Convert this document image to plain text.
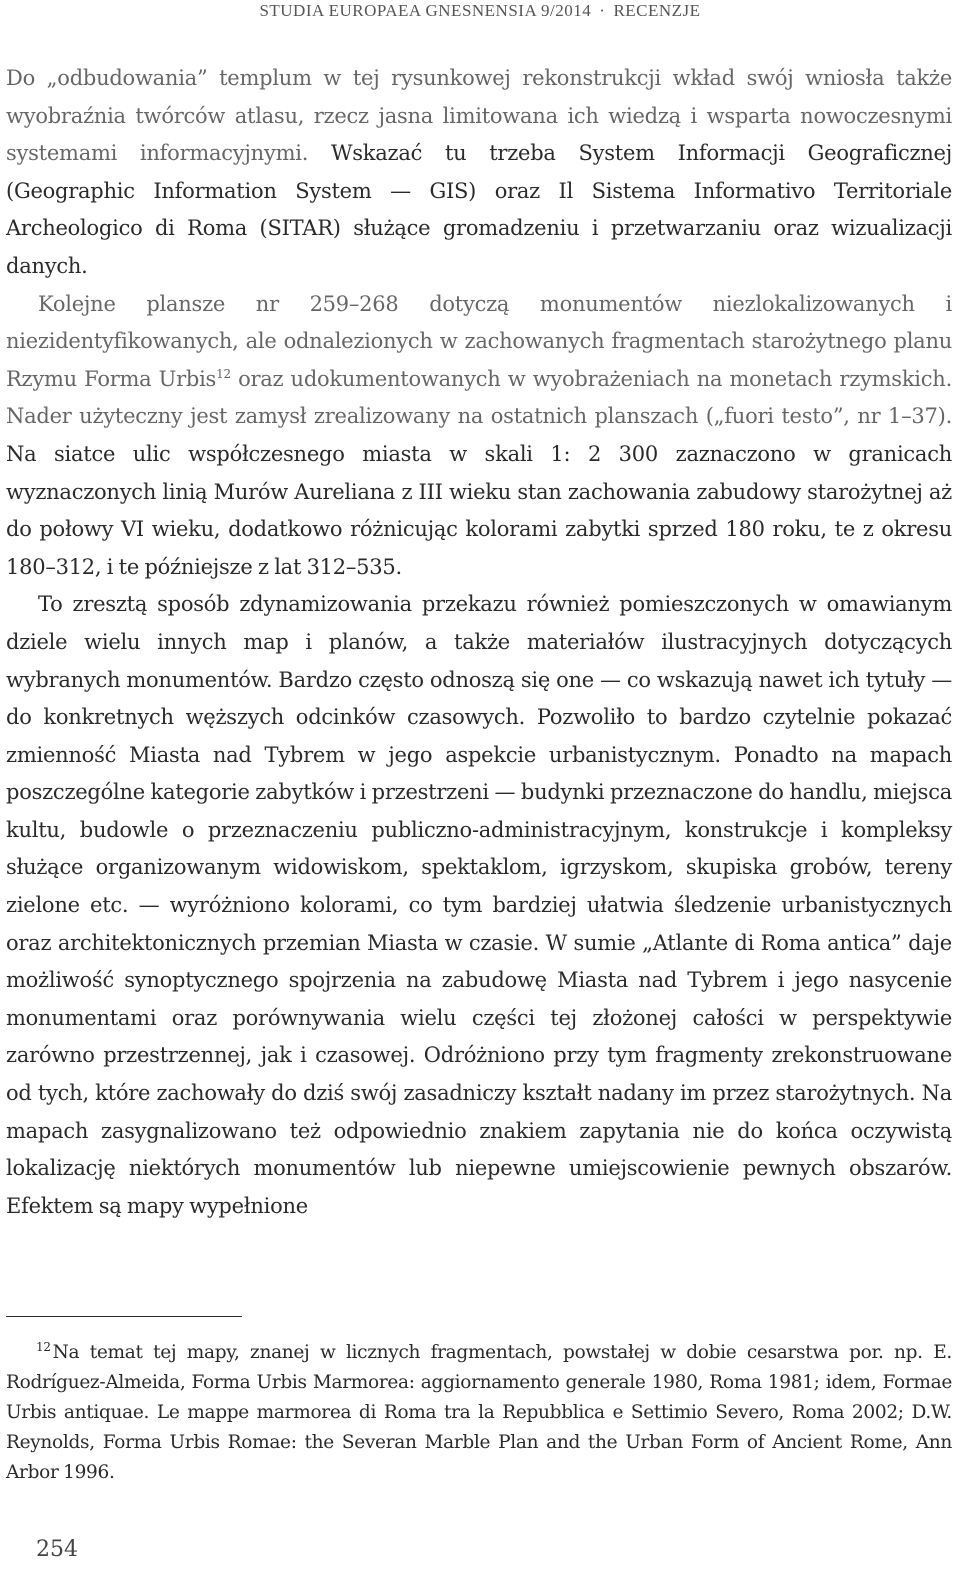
STUDIA EUROPAEA GNESNENSIA 9/2014 · RECENZJE

Do „odbudowania” templum w tej rysunkowej rekonstrukcji wkład swój wniosła także wyobraźnia twórców atlasu, rzecz jasna limitowana ich wiedzą i wsparta nowoczesnymi systemami informacyjnymi. Wskazać tu trzeba System Informacji Geograficznej (Geographic Information System — GIS) oraz Il Sistema Informativo Territoriale Archeologico di Roma (SITAR) służące gromadzeniu i przetwarzaniu oraz wizualizacji danych.

Kolejne plansze nr 259–268 dotyczą monumentów niezlokalizowanych i niezidentyfikowanych, ale odnalezionych w zachowanych fragmentach starożytnego planu Rzymu Forma Urbis$^{12}$ oraz udokumentowanych w wyobrażeniach na monetach rzymskich. Nader użyteczny jest zamysł zrealizowany na ostatnich planszach („fuori testo”, nr 1–37). Na siatce ulic współczesnego miasta w skali 1: 2 300 zaznaczono w granicach wyznaczonych linią Murów Aureliana z III wieku stan zachowania zabudowy starożytnej aż do połowy VI wieku, dodatkowo różnicując kolorami zabytki sprzed 180 roku, te z okresu 180–312, i te późniejsze z lat 312–535.

To zresztą sposób zdynamizowania przekazu również pomieszczonych w omawianym dziele wielu innych map i planów, a także materiałów ilustracyjnych dotyczących wybranych monumentów. Bardzo często odnoszą się one — co wskazują nawet ich tytuły — do konkretnych węższych odcinków czasowych. Pozwoliło to bardzo czytelnie pokazać zmienność Miasta nad Tybrem w jego aspekcie urbanistycznym. Ponadto na mapach poszczególne kategorie zabytków i przestrzeni — budynki przeznaczone do handlu, miejsca kultu, budowle o przeznaczeniu publiczno-administracyjnym, konstrukcje i kompleksy służące organizowanym widowiskom, spektaklom, igrzyskom, skupiska grobów, tereny zielone etc. — wyróżniono kolorami, co tym bardziej ułatwia śledzenie urbanistycznych oraz architektonicznych przemian Miasta w czasie. W sumie „Atlante di Roma antica” daje możliwość synoptycznego spojrzenia na zabudowę Miasta nad Tybrem i jego nasycenie monumentami oraz porównywania wielu części tej złożonej całości w perspektywie zarówno przestrzennej, jak i czasowej. Odróżniono przy tym fragmenty zrekonstruowane od tych, które zachowały do dziś swój zasadniczy kształt nadany im przez starożytnych. Na mapach zasygnalizowano też odpowiednio znakiem zapytania nie do końca oczywistą lokalizację niektórych monumentów lub niepewne umiejscowienie pewnych obszarów. Efektem są mapy wypełnione

$^{12}$ Na temat tej mapy, znanej w licznych fragmentach, powstałej w dobie cesarstwa por. np. E. Rodríguez-Almeida, Forma Urbis Marmorea: aggiornamento generale 1980, Roma 1981; idem, Formae Urbis antiquae. Le mappe marmorea di Roma tra la Repubblica e Settimio Severo, Roma 2002; D.W. Reynolds, Forma Urbis Romae: the Severan Marble Plan and the Urban Form of Ancient Rome, Ann Arbor 1996.

254
